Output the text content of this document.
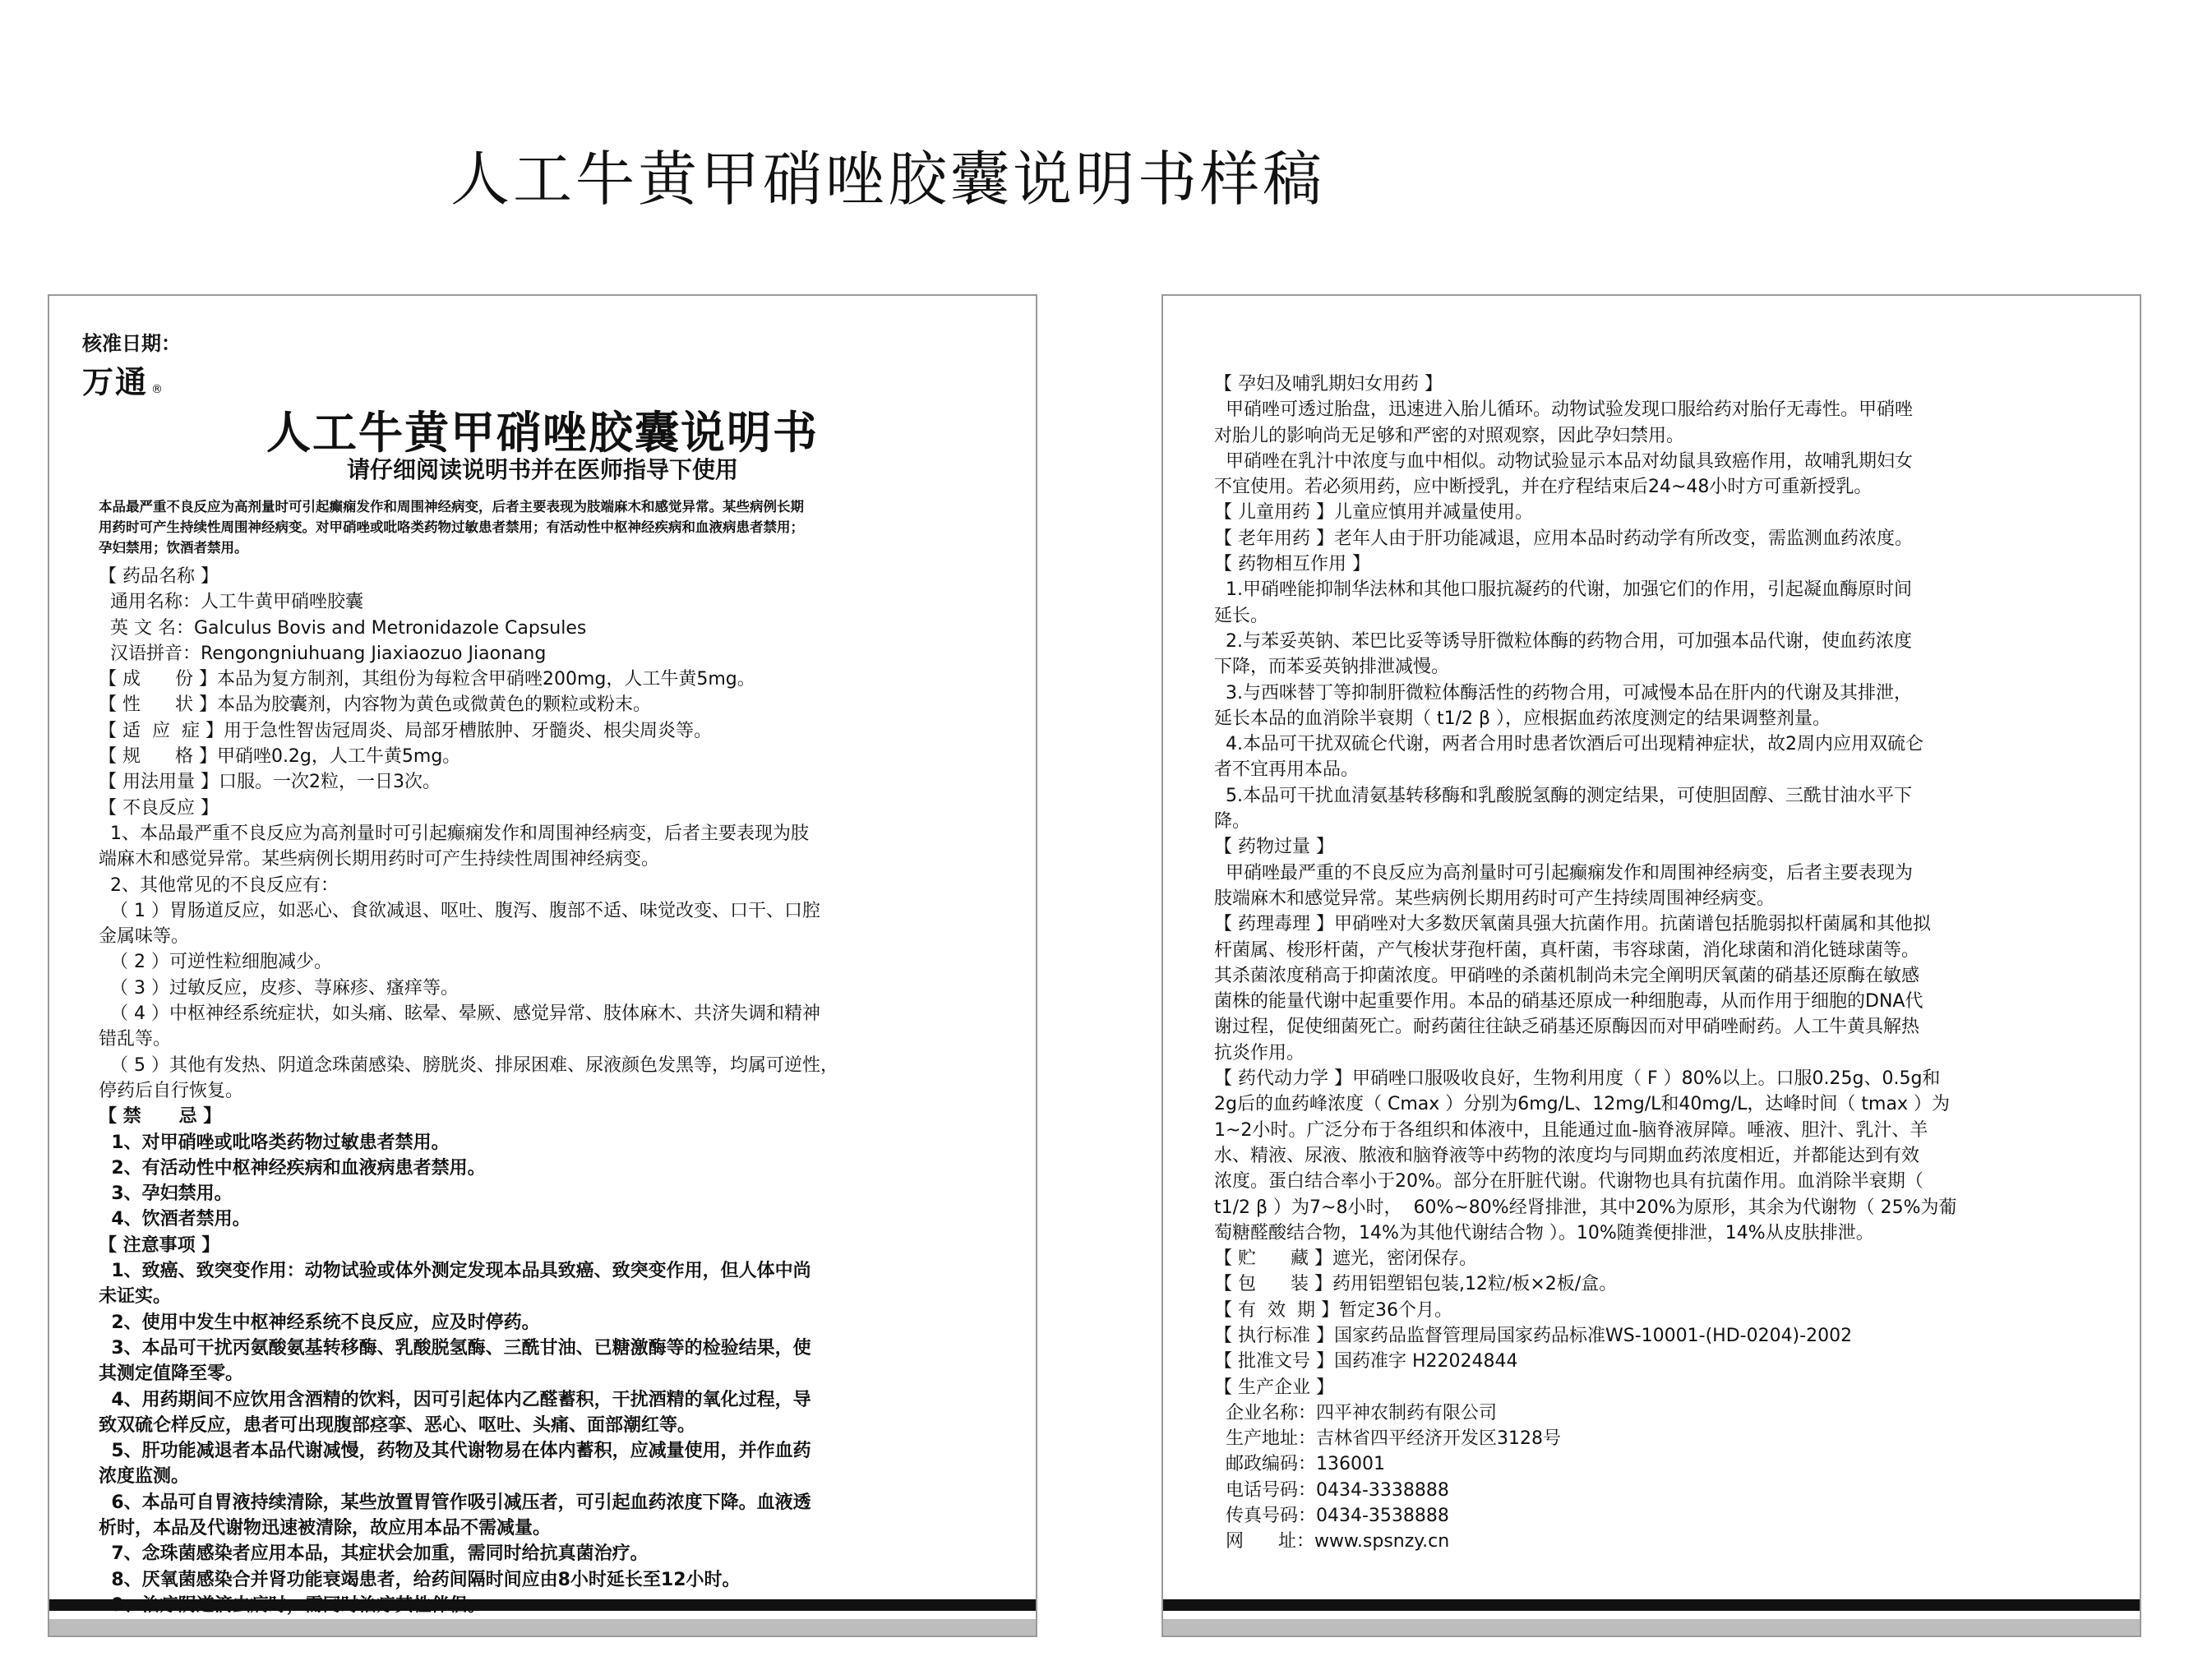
人工牛黄甲硝唑胶囊说明书样稿
核准日期：
万通 ®
人工牛黄甲硝唑胶囊说明书
请仔细阅读说明书并在医师指导下使用

本品最严重不良反应为高剂量时可引起癫痫发作和周围神经病变，后者主要表现为肢端麻木和感觉异常。某些病例长期

用药时可产生持续性周围神经病变。对甲硝唑或吡咯类药物过敏患者禁用；有活动性中枢神经疾病和血液病患者禁用；

孕妇禁用；饮酒者禁用。

【 药品名称 】

通用名称：人工牛黄甲硝唑胶囊

英 文 名：Galculus Bovis and Metronidazole Capsules

汉语拼音：Rengongniuhuang Jiaxiaozuo Jiaonang

【 成      份 】本品为复方制剂，其组份为每粒含甲硝唑200mg，人工牛黄5mg。

【 性      状 】本品为胶囊剂，内容物为黄色或微黄色的颗粒或粉末。

【 适  应  症 】用于急性智齿冠周炎、局部牙槽脓肿、牙髓炎、根尖周炎等。

【 规      格 】甲硝唑0.2g，人工牛黄5mg。

【 用法用量 】口服。一次2粒，一日3次。

【 不良反应 】

1、本品最严重不良反应为高剂量时可引起癫痫发作和周围神经病变，后者主要表现为肢

端麻木和感觉异常。某些病例长期用药时可产生持续性周围神经病变。

2、其他常见的不良反应有：

（ 1 ）胃肠道反应，如恶心、食欲减退、呕吐、腹泻、腹部不适、味觉改变、口干、口腔

金属味等。

（ 2 ）可逆性粒细胞减少。

（ 3 ）过敏反应，皮疹、荨麻疹、瘙痒等。

（ 4 ）中枢神经系统症状，如头痛、眩晕、晕厥、感觉异常、肢体麻木、共济失调和精神

错乱等。

（ 5 ）其他有发热、阴道念珠菌感染、膀胱炎、排尿困难、尿液颜色发黑等，均属可逆性，

停药后自行恢复。

【 禁      忌 】

1、对甲硝唑或吡咯类药物过敏患者禁用。

2、有活动性中枢神经疾病和血液病患者禁用。

3、孕妇禁用。

4、饮酒者禁用。

【 注意事项 】

1、致癌、致突变作用：动物试验或体外测定发现本品具致癌、致突变作用，但人体中尚

未证实。

2、使用中发生中枢神经系统不良反应，应及时停药。

3、本品可干扰丙氨酸氨基转移酶、乳酸脱氢酶、三酰甘油、已糖激酶等的检验结果，使

其测定值降至零。

4、用药期间不应饮用含酒精的饮料，因可引起体内乙醛蓄积，干扰酒精的氧化过程，导

致双硫仑样反应，患者可出现腹部痉挛、恶心、呕吐、头痛、面部潮红等。

5、肝功能减退者本品代谢减慢，药物及其代谢物易在体内蓄积，应减量使用，并作血药

浓度监测。

6、本品可自胃液持续清除，某些放置胃管作吸引减压者，可引起血药浓度下降。血液透

析时，本品及代谢物迅速被清除，故应用本品不需减量。

7、念珠菌感染者应用本品，其症状会加重，需同时给抗真菌治疗。

8、厌氧菌感染合并肾功能衰竭患者，给药间隔时间应由8小时延长至12小时。

【 孕妇及哺乳期妇女用药 】

甲硝唑可透过胎盘，迅速进入胎儿循环。动物试验发现口服给药对胎仔无毒性。甲硝唑

对胎儿的影响尚无足够和严密的对照观察，因此孕妇禁用。

甲硝唑在乳汁中浓度与血中相似。动物试验显示本品对幼鼠具致癌作用，故哺乳期妇女

不宜使用。若必须用药，应中断授乳，并在疗程结束后24~48小时方可重新授乳。

【 儿童用药 】儿童应慎用并减量使用。

【 老年用药 】老年人由于肝功能减退，应用本品时药动学有所改变，需监测血药浓度。

【 药物相互作用 】

1.甲硝唑能抑制华法林和其他口服抗凝药的代谢，加强它们的作用，引起凝血酶原时间

延长。

2.与苯妥英钠、苯巴比妥等诱导肝微粒体酶的药物合用，可加强本品代谢，使血药浓度

下降，而苯妥英钠排泄减慢。

3.与西咪替丁等抑制肝微粒体酶活性的药物合用，可减慢本品在肝内的代谢及其排泄，

延长本品的血消除半衰期（ t1/2 β ），应根据血药浓度测定的结果调整剂量。

4.本品可干扰双硫仑代谢，两者合用时患者饮酒后可出现精神症状，故2周内应用双硫仑

者不宜再用本品。

5.本品可干扰血清氨基转移酶和乳酸脱氢酶的测定结果，可使胆固醇、三酰甘油水平下

降。

【 药物过量 】

甲硝唑最严重的不良反应为高剂量时可引起癫痫发作和周围神经病变，后者主要表现为

肢端麻木和感觉异常。某些病例长期用药时可产生持续周围神经病变。

【 药理毒理 】甲硝唑对大多数厌氧菌具强大抗菌作用。抗菌谱包括脆弱拟杆菌属和其他拟

杆菌属、梭形杆菌，产气梭状芽孢杆菌，真杆菌，韦容球菌，消化球菌和消化链球菌等。

其杀菌浓度稍高于抑菌浓度。甲硝唑的杀菌机制尚未完全阐明厌氧菌的硝基还原酶在敏感

菌株的能量代谢中起重要作用。本品的硝基还原成一种细胞毒，从而作用于细胞的DNA代

谢过程，促使细菌死亡。耐药菌往往缺乏硝基还原酶因而对甲硝唑耐药。人工牛黄具解热

抗炎作用。

【 药代动力学 】甲硝唑口服吸收良好，生物利用度（ F ）80%以上。口服0.25g、0.5g和

2g后的血药峰浓度（ Cmax ）分别为6mg/L、12mg/L和40mg/L，达峰时间（ tmax ）为

1~2小时。广泛分布于各组织和体液中，且能通过血-脑脊液屏障。唾液、胆汁、乳汁、羊

水、精液、尿液、脓液和脑脊液等中药物的浓度均与同期血药浓度相近，并都能达到有效

浓度。蛋白结合率小于20%。部分在肝脏代谢。代谢物也具有抗菌作用。血消除半衰期（

t1/2 β ）为7~8小时，  60%~80%经肾排泄，其中20%为原形，其余为代谢物（ 25%为葡

萄糖醛酸结合物，14%为其他代谢结合物 ）。10%随粪便排泄，14%从皮肤排泄。

【 贮      藏 】遮光，密闭保存。

【 包      装 】药用铝塑铝包装,12粒/板×2板/盒。

【 有  效  期 】暂定36个月。

【 执行标准 】国家药品监督管理局国家药品标准WS-10001-(HD-0204)-2002

【 批准文号 】国药准字 H22024844

【 生产企业 】

企业名称：四平神农制药有限公司

生产地址：吉林省四平经济开发区3128号

邮政编码：136001

电话号码：0434-3338888

传真号码：0434-3538888

网      址：www.spsnzy.cn
